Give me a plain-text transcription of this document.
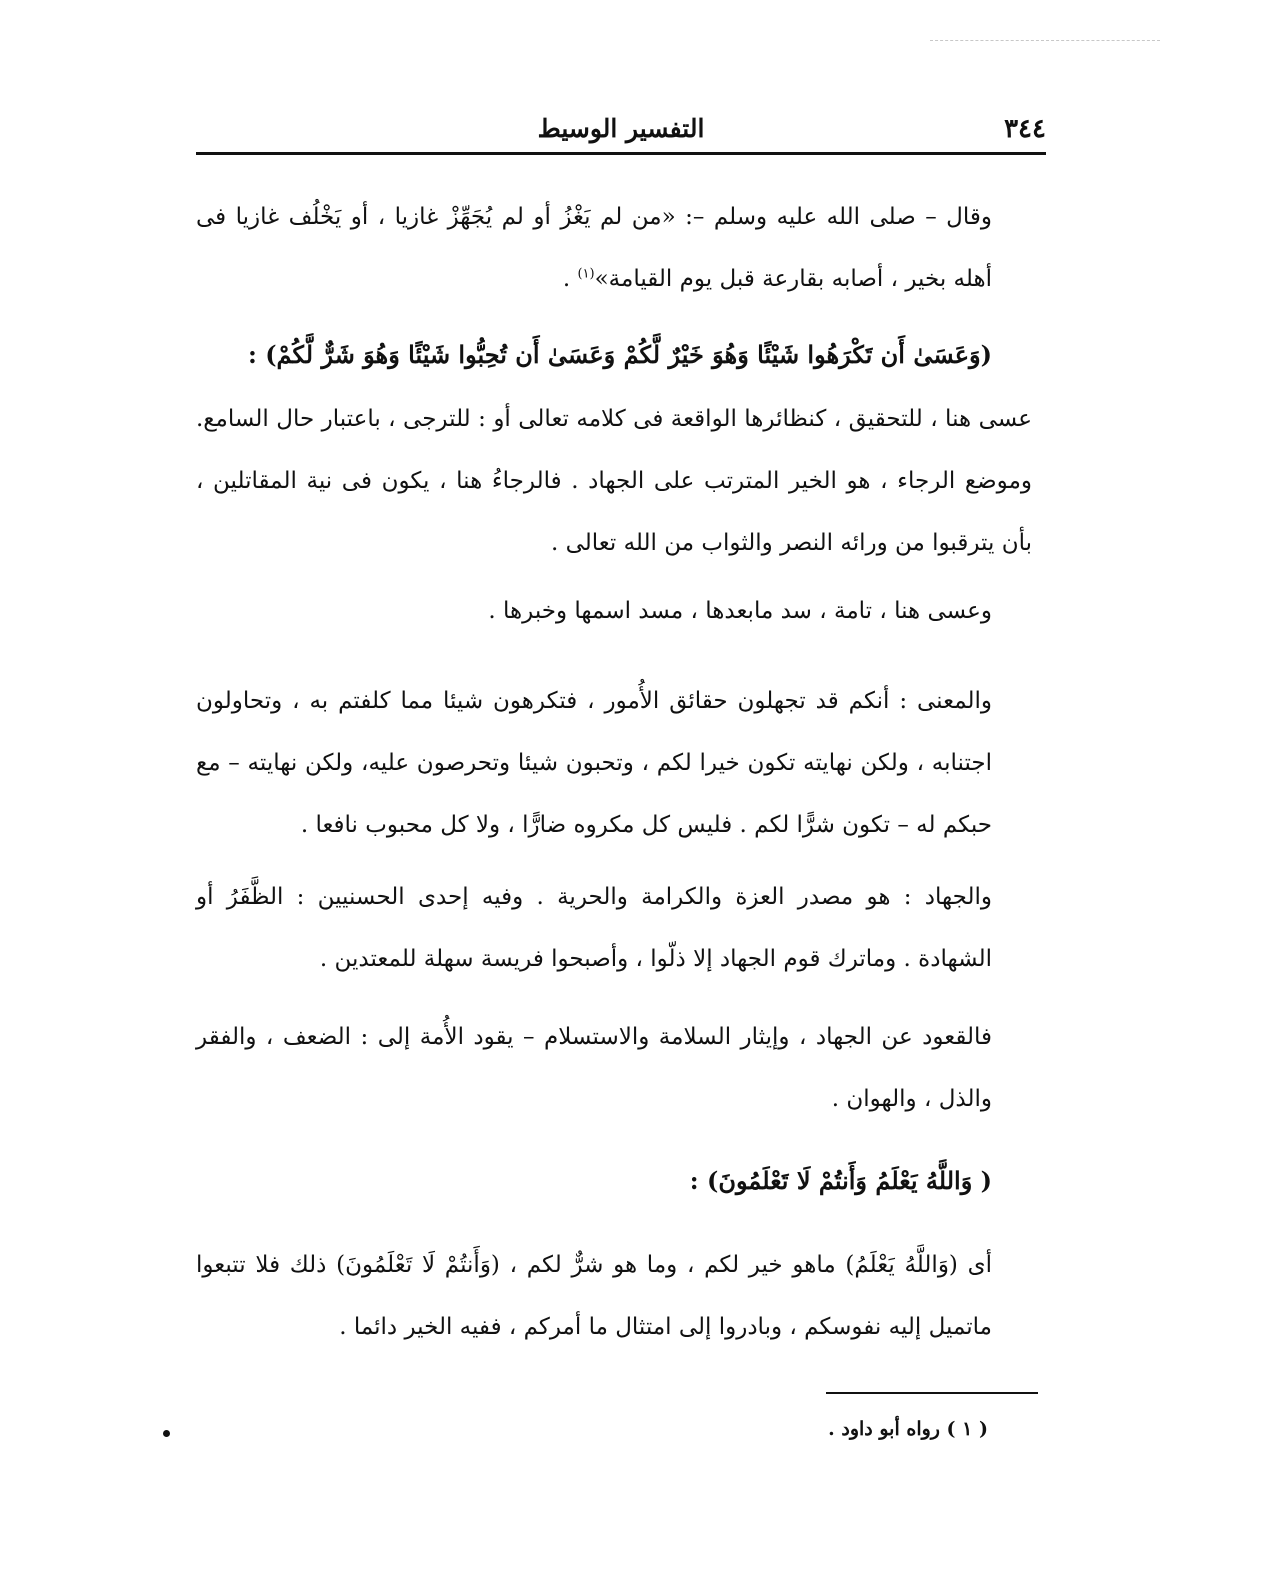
٣٤٤
التفسير الوسيط

وقال – صلى الله عليه وسلم –: «من لم يَغْزُ أو لم يُجَهِّزْ غازيا ، أو يَخْلُف غازيا فى أهله بخير ، أصابه بقارعة قبل يوم القيامة»$^{(١)}$ .

(وَعَسَىٰ أَن تَكْرَهُوا شَيْئًا وَهُوَ خَيْرٌ لَّكُمْ وَعَسَىٰ أَن تُحِبُّوا شَيْئًا وَهُوَ شَرٌّ لَّكُمْ) :

عسى هنا ، للتحقيق ، كنظائرها الواقعة فى كلامه تعالى أو : للترجى ، باعتبار حال السامع. وموضع الرجاء ، هو الخير المترتب على الجهاد . فالرجاءُ هنا ، يكون فى نية المقاتلين ، بأن يترقبوا من ورائه النصر والثواب من الله تعالى .

وعسى هنا ، تامة ، سد مابعدها ، مسد اسمها وخبرها .

والمعنى : أنكم قد تجهلون حقائق الأُمور ، فتكرهون شيئا مما كلفتم به ، وتحاولون اجتنابه ، ولكن نهايته تكون خيرا لكم ، وتحبون شيئا وتحرصون عليه، ولكن نهايته – مع حبكم له – تكون شرًّا لكم . فليس كل مكروه ضارًّا ، ولا كل محبوب نافعا .

والجهاد : هو مصدر العزة والكرامة والحرية . وفيه إحدى الحسنيين : الظَّفَرُ أو الشهادة . وماترك قوم الجهاد إلا ذلّوا ، وأصبحوا فريسة سهلة للمعتدين .

فالقعود عن الجهاد ، وإيثار السلامة والاستسلام – يقود الأُمة إلى : الضعف ، والفقر والذل ، والهوان .

( وَاللَّهُ يَعْلَمُ وَأَنتُمْ لَا تَعْلَمُونَ) :

أى (وَاللَّهُ يَعْلَمُ) ماهو خير لكم ، وما هو شرٌّ لكم ، (وَأَنتُمْ لَا تَعْلَمُونَ) ذلك فلا تتبعوا ماتميل إليه نفوسكم ، وبادروا إلى امتثال ما أمركم ، ففيه الخير دائما .

( ١ ) رواه أبو داود .
